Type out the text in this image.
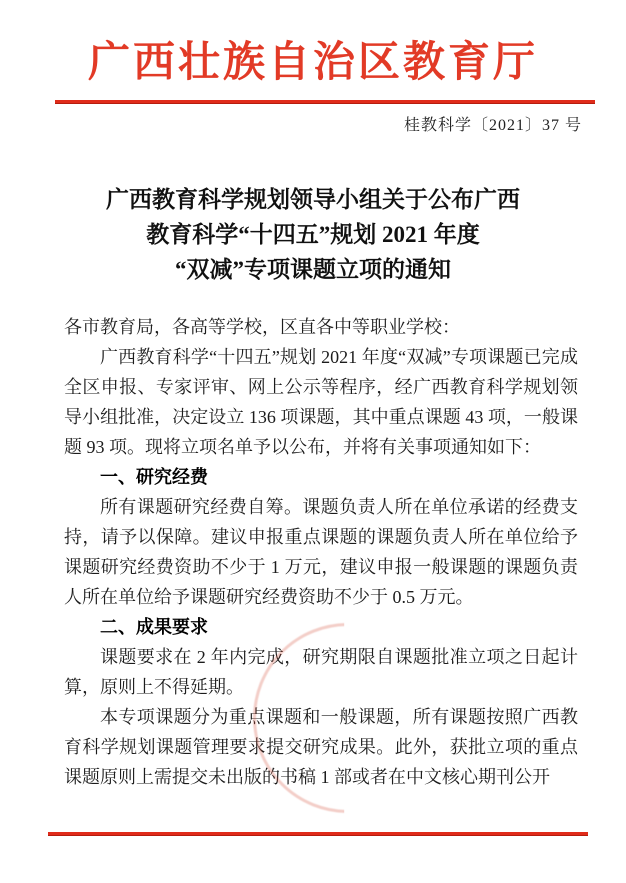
广西壮族自治区教育厅
桂教科学〔2021〕37 号
广西教育科学规划领导小组关于公布广西
教育科学“十四五”规划 2021 年度
“双减”专项课题立项的通知

各市教育局，各高等学校，区直各中等职业学校：

广西教育科学“十四五”规划 2021 年度“双减”专项课题已完成全区申报、专家评审、网上公示等程序，经广西教育科学规划领导小组批准，决定设立 136 项课题，其中重点课题 43 项，一般课题 93 项。现将立项名单予以公布，并将有关事项通知如下：

一、研究经费

所有课题研究经费自筹。课题负责人所在单位承诺的经费支持，请予以保障。建议申报重点课题的课题负责人所在单位给予课题研究经费资助不少于 1 万元，建议申报一般课题的课题负责人所在单位给予课题研究经费资助不少于 0.5 万元。

二、成果要求

课题要求在 2 年内完成，研究期限自课题批准立项之日起计算，原则上不得延期。

本专项课题分为重点课题和一般课题，所有课题按照广西教育科学规划课题管理要求提交研究成果。此外，获批立项的重点课题原则上需提交未出版的书稿 1 部或者在中文核心期刊公开
